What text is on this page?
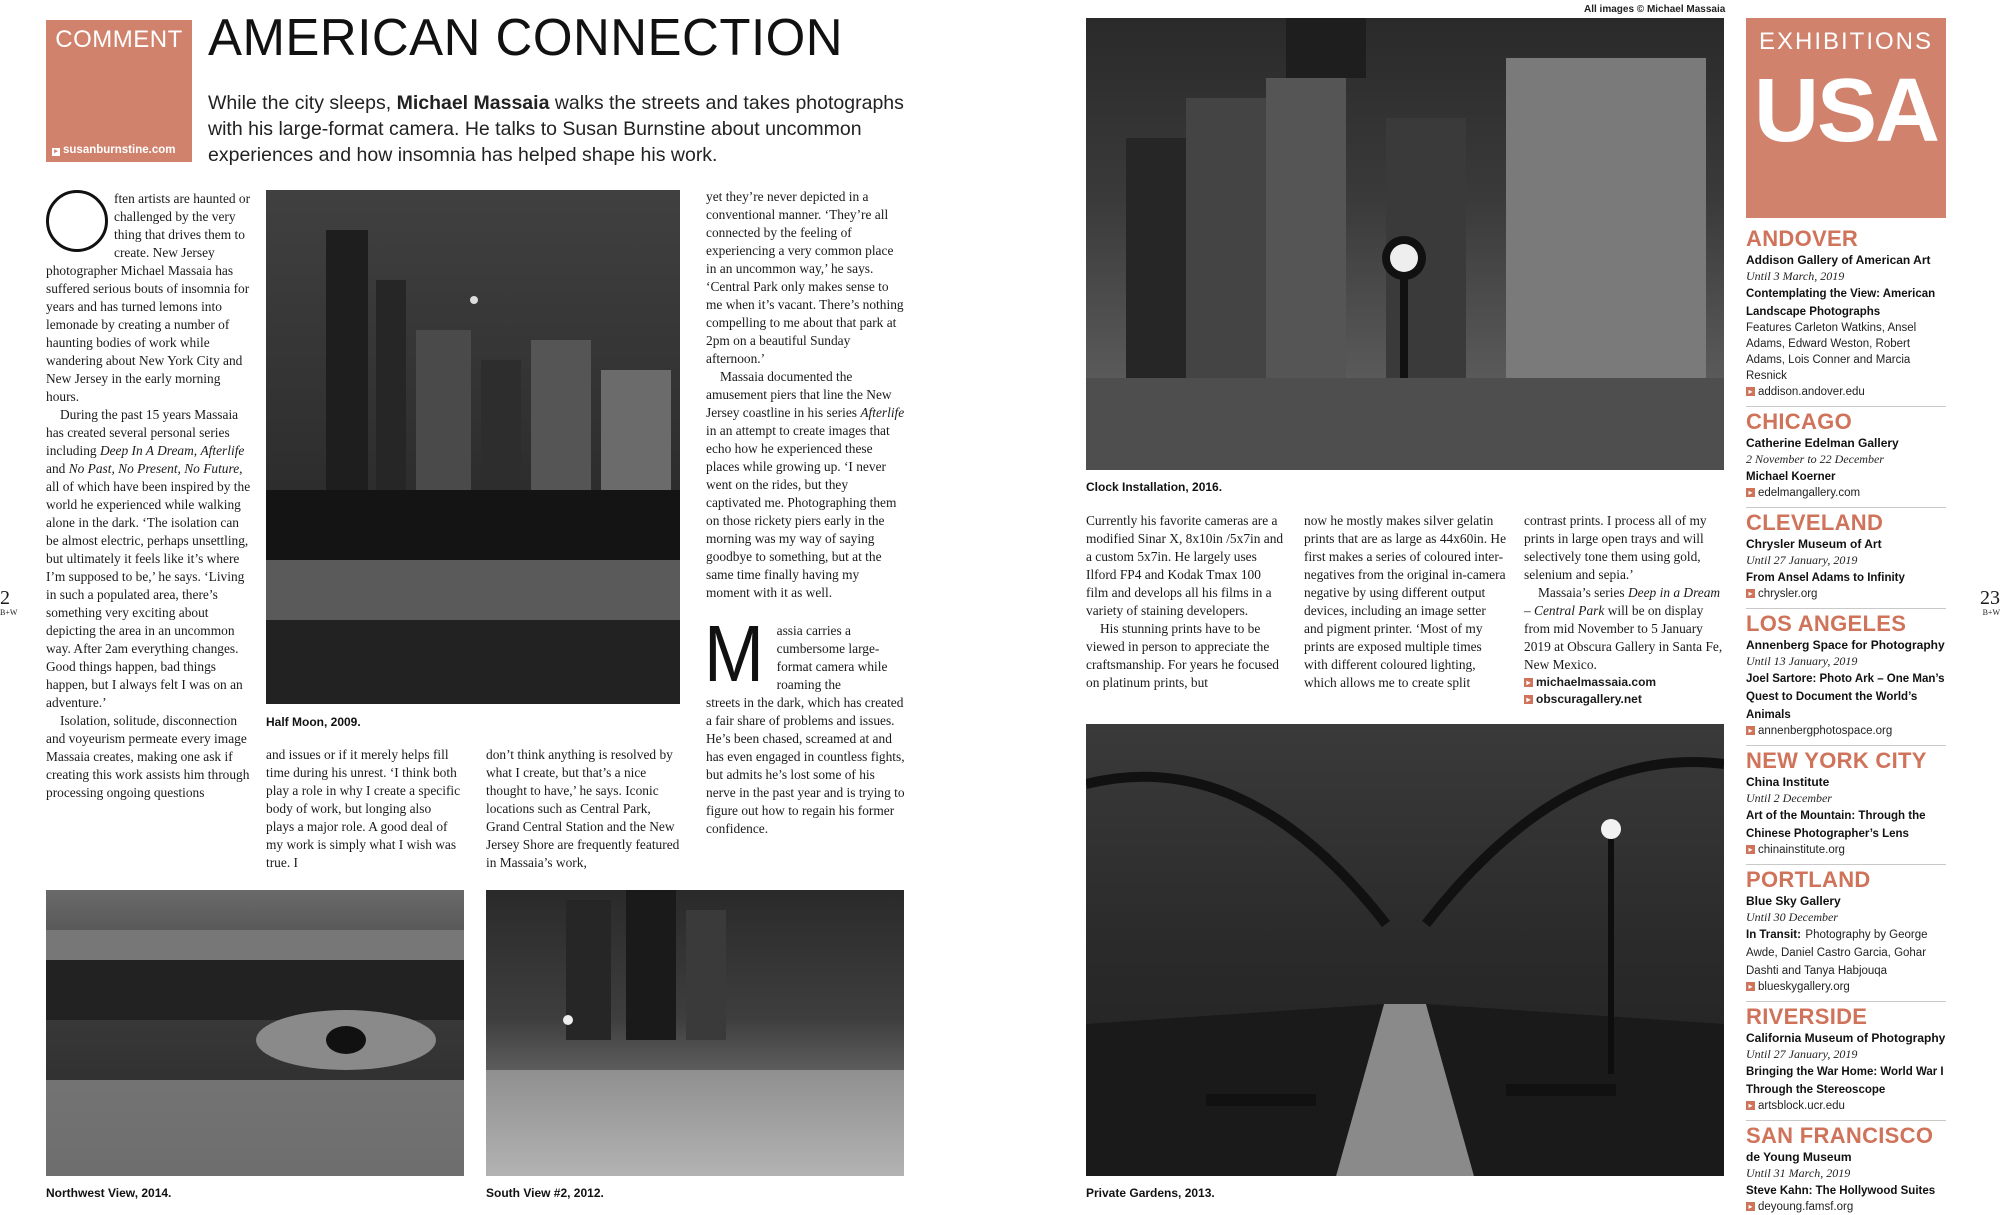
COMMENT
▸ susanburnstine.com
AMERICAN CONNECTION
While the city sleeps, Michael Massaia walks the streets and takes photographs with his large-format camera. He talks to Susan Burnstine about uncommon experiences and how insomnia has helped shape his work.

ften artists are haunted or challenged by the very thing that drives them to create. New Jersey photographer Michael Massaia has suffered serious bouts of insomnia for years and has turned lemons into lemonade by creating a number of haunting bodies of work while wandering about New York City and New Jersey in the early morning hours.

During the past 15 years Massaia has created several personal series including Deep In A Dream, Afterlife and No Past, No Present, No Future, all of which have been inspired by the world he experienced while walking alone in the dark. ‘The isolation can be almost electric, perhaps unsettling, but ultimately it feels like it’s where I’m supposed to be,’ he says. ‘Living in such a populated area, there’s something very exciting about depicting the area in an uncommon way. After 2am everything changes. Good things happen, bad things happen, but I always felt I was on an adventure.’

Isolation, solitude, disconnection and voyeurism permeate every image Massaia creates, making one ask if creating this work assists him through processing ongoing questions

Half Moon, 2009.
and issues or if it merely helps fill time during his unrest. ‘I think both play a role in why I create a specific body of work, but longing also plays a major role. A good deal of my work is simply what I wish was true. I
don’t think anything is resolved by what I create, but that’s a nice thought to have,’ he says. Iconic locations such as Central Park, Grand Central Station and the New Jersey Shore are frequently featured in Massaia’s work,

yet they’re never depicted in a conventional manner. ‘They’re all connected by the feeling of experiencing a very common place in an uncommon way,’ he says. ‘Central Park only makes sense to me when it’s vacant. There’s nothing compelling to me about that park at 2pm on a beautiful Sunday afternoon.’

Massaia documented the amusement piers that line the New Jersey coastline in his series Afterlife in an attempt to create images that echo how he experienced these places while growing up. ‘I never went on the rides, but they captivated me. Photographing them on those rickety piers early in the morning was my way of saying goodbye to something, but at the same time finally having my moment with it as well.

M assia carries a cumbersome large-format camera while roaming the

streets in the dark, which has created a fair share of problems and issues. He’s been chased, screamed at and has even engaged in countless fights, but admits he’s lost some of his nerve in the past year and is trying to figure out how to regain his former confidence.

Northwest View, 2014.	South View #2, 2012.
2
B+W
All images © Michael Massaia
Clock Installation, 2016.

Currently his favorite cameras are a modified Sinar X, 8x10in /5x7in and a custom 5x7in. He largely uses Ilford FP4 and Kodak Tmax 100 film and develops all his films in a variety of staining developers.

His stunning prints have to be viewed in person to appreciate the craftsmanship. For years he focused on platinum prints, but

now he mostly makes silver gelatin prints that are as large as 44x60in. He first makes a series of coloured inter-negatives from the original in-camera negative by using different output devices, including an image setter and pigment printer. ‘Most of my prints are exposed multiple times with different coloured lighting, which allows me to create split

contrast prints. I process all of my prints in large open trays and will selectively tone them using gold, selenium and sepia.’

Massaia’s series Deep in a Dream – Central Park will be on display from mid November to 5 January 2019 at Obscura Gallery in Santa Fe, New Mexico.

▸ michaelmassaia.com
▸ obscuragallery.net
Private Gardens, 2013.
23
B+W
EXHIBITIONS
USA
ANDOVER
Addison Gallery of American Art
Until 3 March, 2019
Contemplating the View: American Landscape Photographs
Features Carleton Watkins, Ansel Adams, Edward Weston, Robert Adams, Lois Conner and Marcia Resnick
▸ addison.andover.edu
CHICAGO
Catherine Edelman Gallery
2 November to 22 December
Michael Koerner
▸ edelmangallery.com
CLEVELAND
Chrysler Museum of Art
Until 27 January, 2019
From Ansel Adams to Infinity
▸ chrysler.org
LOS ANGELES
Annenberg Space for Photography
Until 13 January, 2019
Joel Sartore: Photo Ark – One Man’s Quest to Document the World’s Animals
▸ annenbergphotospace.org
NEW YORK CITY
China Institute
Until 2 December
Art of the Mountain: Through the Chinese Photographer’s Lens
▸ chinainstitute.org
PORTLAND
Blue Sky Gallery
Until 30 December
In Transit: Photography by George Awde, Daniel Castro Garcia, Gohar Dashti and Tanya Habjouqa
▸ blueskygallery.org
RIVERSIDE
California Museum of Photography
Until 27 January, 2019
Bringing the War Home: World War I Through the Stereoscope
▸ artsblock.ucr.edu
SAN FRANCISCO
de Young Museum
Until 31 March, 2019
Steve Kahn: The Hollywood Suites
▸ deyoung.famsf.org
